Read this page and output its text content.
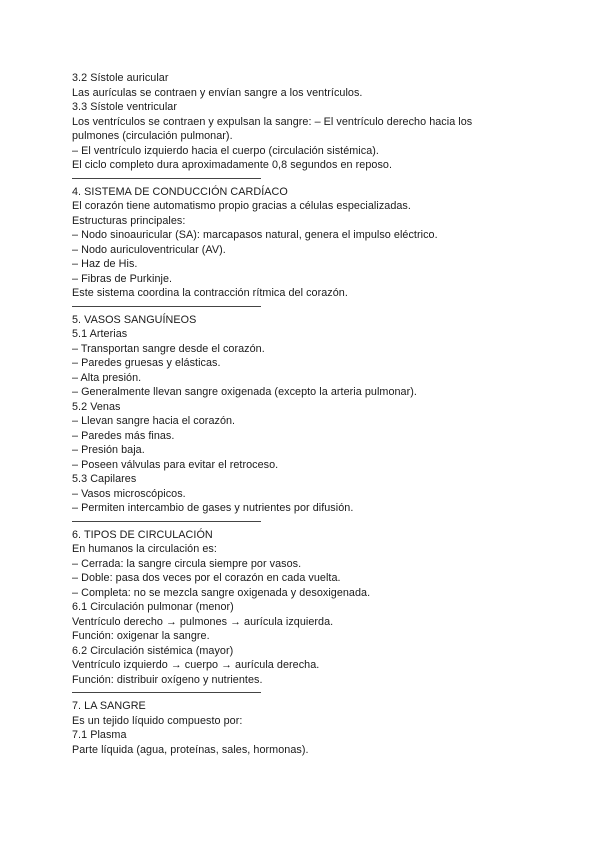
3.2 Sístole auricular
Las aurículas se contraen y envían sangre a los ventrículos.
3.3 Sístole ventricular
Los ventrículos se contraen y expulsan la sangre: – El ventrículo derecho hacia los
pulmones (circulación pulmonar).
– El ventrículo izquierdo hacia el cuerpo (circulación sistémica).
El ciclo completo dura aproximadamente 0,8 segundos en reposo.
4. SISTEMA DE CONDUCCIÓN CARDÍACO
El corazón tiene automatismo propio gracias a células especializadas.
Estructuras principales:
– Nodo sinoauricular (SA): marcapasos natural, genera el impulso eléctrico.
– Nodo auriculoventricular (AV).
– Haz de His.
– Fibras de Purkinje.
Este sistema coordina la contracción rítmica del corazón.
5. VASOS SANGUÍNEOS
5.1 Arterias
– Transportan sangre desde el corazón.
– Paredes gruesas y elásticas.
– Alta presión.
– Generalmente llevan sangre oxigenada (excepto la arteria pulmonar).
5.2 Venas
– Llevan sangre hacia el corazón.
– Paredes más finas.
– Presión baja.
– Poseen válvulas para evitar el retroceso.
5.3 Capilares
– Vasos microscópicos.
– Permiten intercambio de gases y nutrientes por difusión.
6. TIPOS DE CIRCULACIÓN
En humanos la circulación es:
– Cerrada: la sangre circula siempre por vasos.
– Doble: pasa dos veces por el corazón en cada vuelta.
– Completa: no se mezcla sangre oxigenada y desoxigenada.
6.1 Circulación pulmonar (menor)
Ventrículo derecho → pulmones → aurícula izquierda.
Función: oxigenar la sangre.
6.2 Circulación sistémica (mayor)
Ventrículo izquierdo → cuerpo → aurícula derecha.
Función: distribuir oxígeno y nutrientes.
7. LA SANGRE
Es un tejido líquido compuesto por:
7.1 Plasma
Parte líquida (agua, proteínas, sales, hormonas).
